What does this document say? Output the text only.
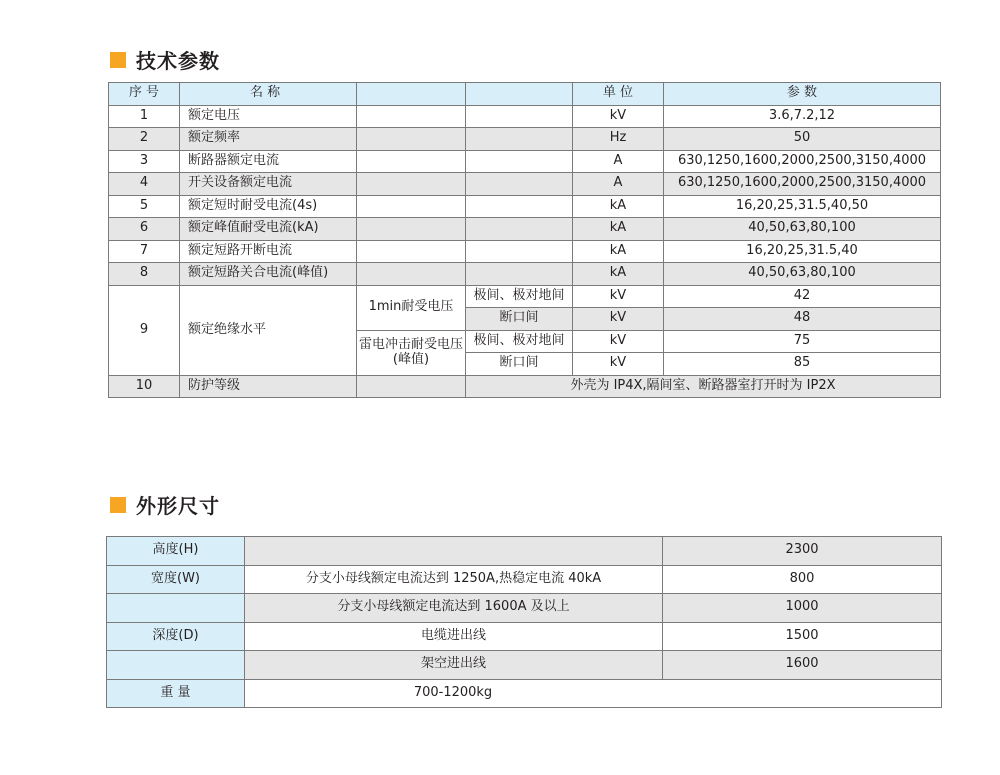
技术参数
序 号	名 称			单 位	参 数
1	额定电压			kV	3.6,7.2,12
2	额定频率			Hz	50
3	断路器额定电流			A	630,1250,1600,2000,2500,3150,4000
4	开关设备额定电流			A	630,1250,1600,2000,2500,3150,4000
5	额定短时耐受电流(4s)			kA	16,20,25,31.5,40,50
6	额定峰值耐受电流(kA)			kA	40,50,63,80,100
7	额定短路开断电流			kA	16,20,25,31.5,40
8	额定短路关合电流(峰值)			kA	40,50,63,80,100
9	额定绝缘水平	1min耐受电压	极间、极对地间	kV	42
			断口间	kV	48
		雷电冲击耐受电压(峰值)	极间、极对地间	kV	75
			断口间	kV	85
10	防护等级		外壳为 IP4X,隔间室、断路器室打开时为 IP2X		
外形尺寸
高度(H)		2300
宽度(W)	分支小母线额定电流达到 1250A,热稳定电流 40kA	800
	分支小母线额定电流达到 1600A 及以上	1000
深度(D)	电缆进出线	1500
	架空进出线	1600
重 量	700-1200kg	
